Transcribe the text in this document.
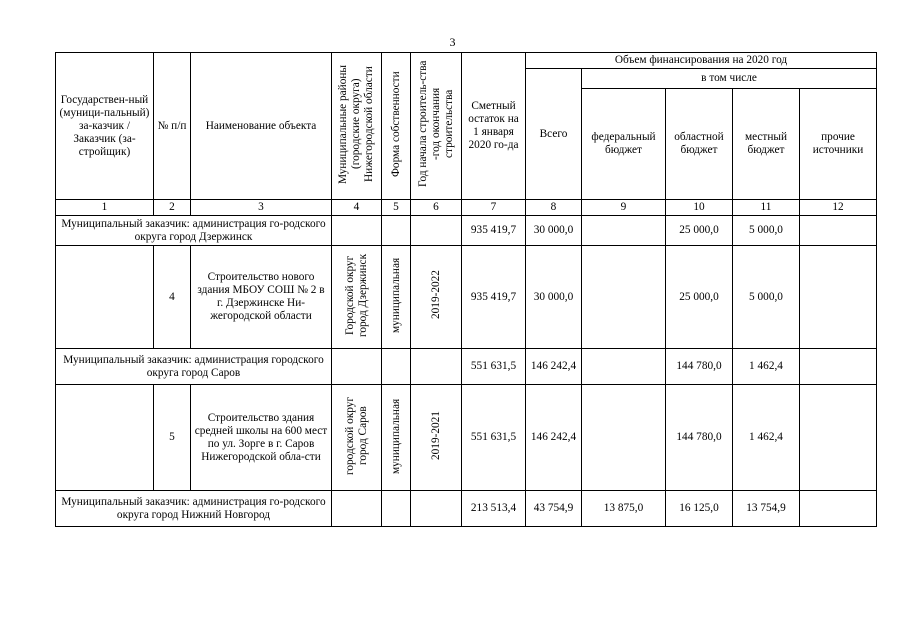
3
Государствен-ный (муници-пальный) за-казчик / Заказчик (за-стройщик)	№ п/п	Наименование объекта	Муниципальные районы (городские округа) Нижегородской области	Форма собственности	Год начала строитель-ства -год окончания строительства	Сметный остаток на 1 января 2020 го-да	Объем финансирования на 2020 год				
							Всего	в том числе			
								федеральный бюджет	областной бюджет	местный бюджет	прочие источники
1	2	3	4	5	6	7	8	9	10	11	12
Муниципальный заказчик: администрация го-родского округа город Дзержинск						935 419,7	30 000,0		25 000,0	5 000,0	
	4	Строительство нового здания МБОУ СОШ № 2 в г. Дзержинске Ни-жегородской области	Городской округ город Дзержинск	муниципальная	2019-2022	935 419,7	30 000,0		25 000,0	5 000,0	
Муниципальный заказчик: администрация городского округа город Саров						551 631,5	146 242,4		144 780,0	1 462,4	
	5	Строительство здания средней школы на 600 мест по ул. Зорге в г. Саров Нижегородской обла-сти	городской округ город Саров	муниципальная	2019-2021	551 631,5	146 242,4		144 780,0	1 462,4	
Муниципальный заказчик: администрация го-родского округа город Нижний Новгород						213 513,4	43 754,9	13 875,0	16 125,0	13 754,9	
